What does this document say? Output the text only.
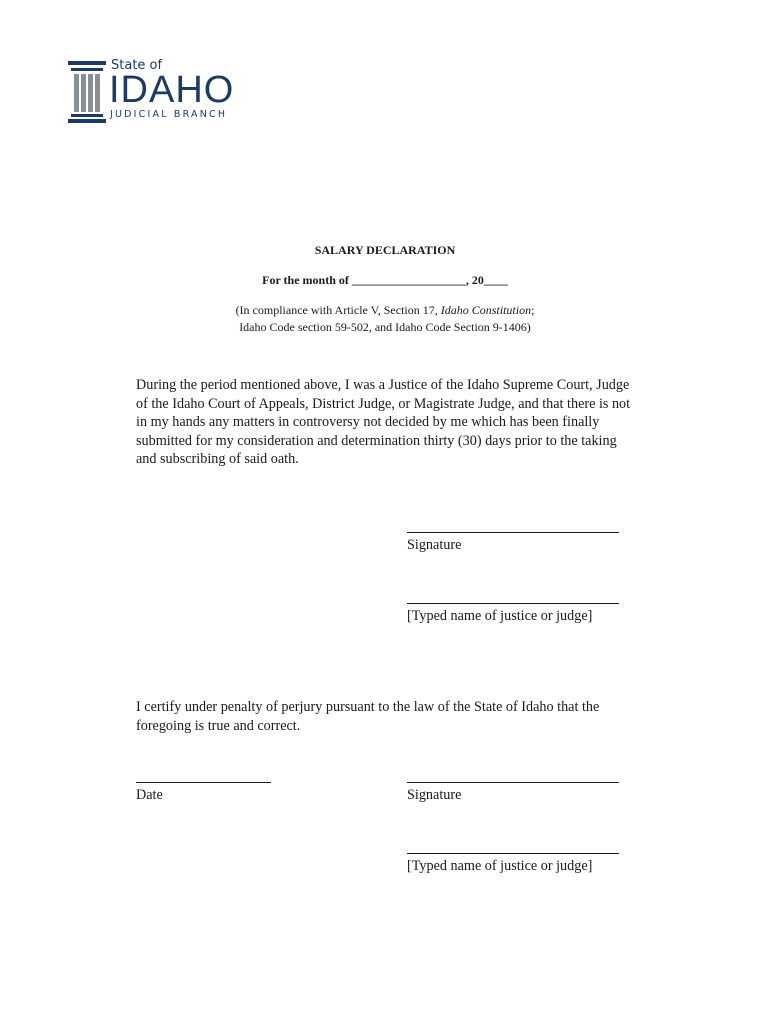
State of
IDAHO
JUDICIAL BRANCH
SALARY DECLARATION
For the month of ___________________, 20____
(In compliance with Article V, Section 17, Idaho Constitution;
Idaho Code section 59-502, and Idaho Code Section 9-1406)
During the period mentioned above, I was a Justice of the Idaho Supreme Court, Judge of the Idaho Court of Appeals, District Judge, or Magistrate Judge, and that there is not in my hands any matters in controversy not decided by me which has been finally submitted for my consideration and determination thirty (30) days prior to the taking and subscribing of said oath.
Signature
[Typed name of justice or judge]
I certify under penalty of perjury pursuant to the law of the State of Idaho that the foregoing is true and correct.
Date	Signature
[Typed name of justice or judge]
